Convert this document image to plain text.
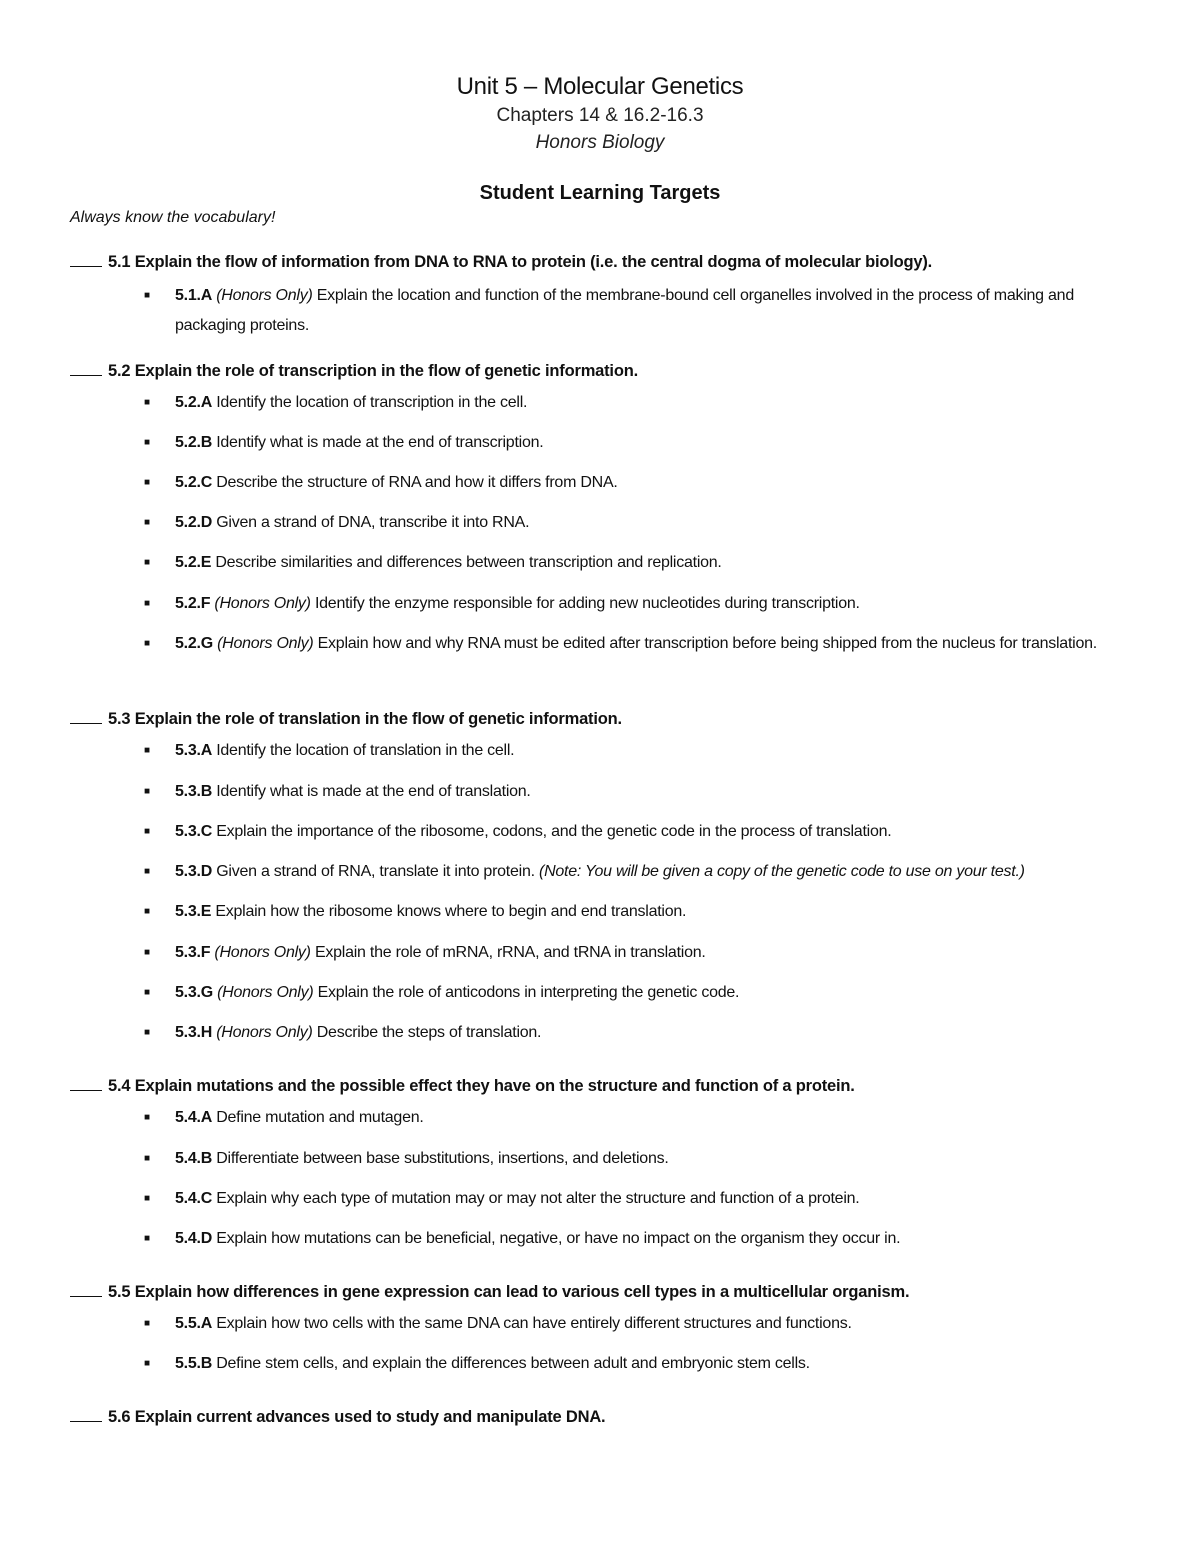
Unit 5 – Molecular Genetics
Chapters 14 & 16.2-16.3
Honors Biology
Student Learning Targets
Always know the vocabulary!
5.1 Explain the flow of information from DNA to RNA to protein (i.e. the central dogma of molecular biology).
■ 5.1.A (Honors Only) Explain the location and function of the membrane-bound cell organelles involved in the process of making and packaging proteins.
5.2 Explain the role of transcription in the flow of genetic information.
■ 5.2.A Identify the location of transcription in the cell.
■ 5.2.B Identify what is made at the end of transcription.
■ 5.2.C Describe the structure of RNA and how it differs from DNA.
■ 5.2.D Given a strand of DNA, transcribe it into RNA.
■ 5.2.E Describe similarities and differences between transcription and replication.
■ 5.2.F (Honors Only) Identify the enzyme responsible for adding new nucleotides during transcription.
■ 5.2.G (Honors Only) Explain how and why RNA must be edited after transcription before being shipped from the nucleus for translation.
5.3 Explain the role of translation in the flow of genetic information.
■ 5.3.A Identify the location of translation in the cell.
■ 5.3.B Identify what is made at the end of translation.
■ 5.3.C Explain the importance of the ribosome, codons, and the genetic code in the process of translation.
■ 5.3.D Given a strand of RNA, translate it into protein. (Note: You will be given a copy of the genetic code to use on your test.)
■ 5.3.E Explain how the ribosome knows where to begin and end translation.
■ 5.3.F (Honors Only) Explain the role of mRNA, rRNA, and tRNA in translation.
■ 5.3.G (Honors Only) Explain the role of anticodons in interpreting the genetic code.
■ 5.3.H (Honors Only) Describe the steps of translation.
5.4 Explain mutations and the possible effect they have on the structure and function of a protein.
■ 5.4.A Define mutation and mutagen.
■ 5.4.B Differentiate between base substitutions, insertions, and deletions.
■ 5.4.C Explain why each type of mutation may or may not alter the structure and function of a protein.
■ 5.4.D Explain how mutations can be beneficial, negative, or have no impact on the organism they occur in.
5.5 Explain how differences in gene expression can lead to various cell types in a multicellular organism.
■ 5.5.A Explain how two cells with the same DNA can have entirely different structures and functions.
■ 5.5.B Define stem cells, and explain the differences between adult and embryonic stem cells.
5.6 Explain current advances used to study and manipulate DNA.
